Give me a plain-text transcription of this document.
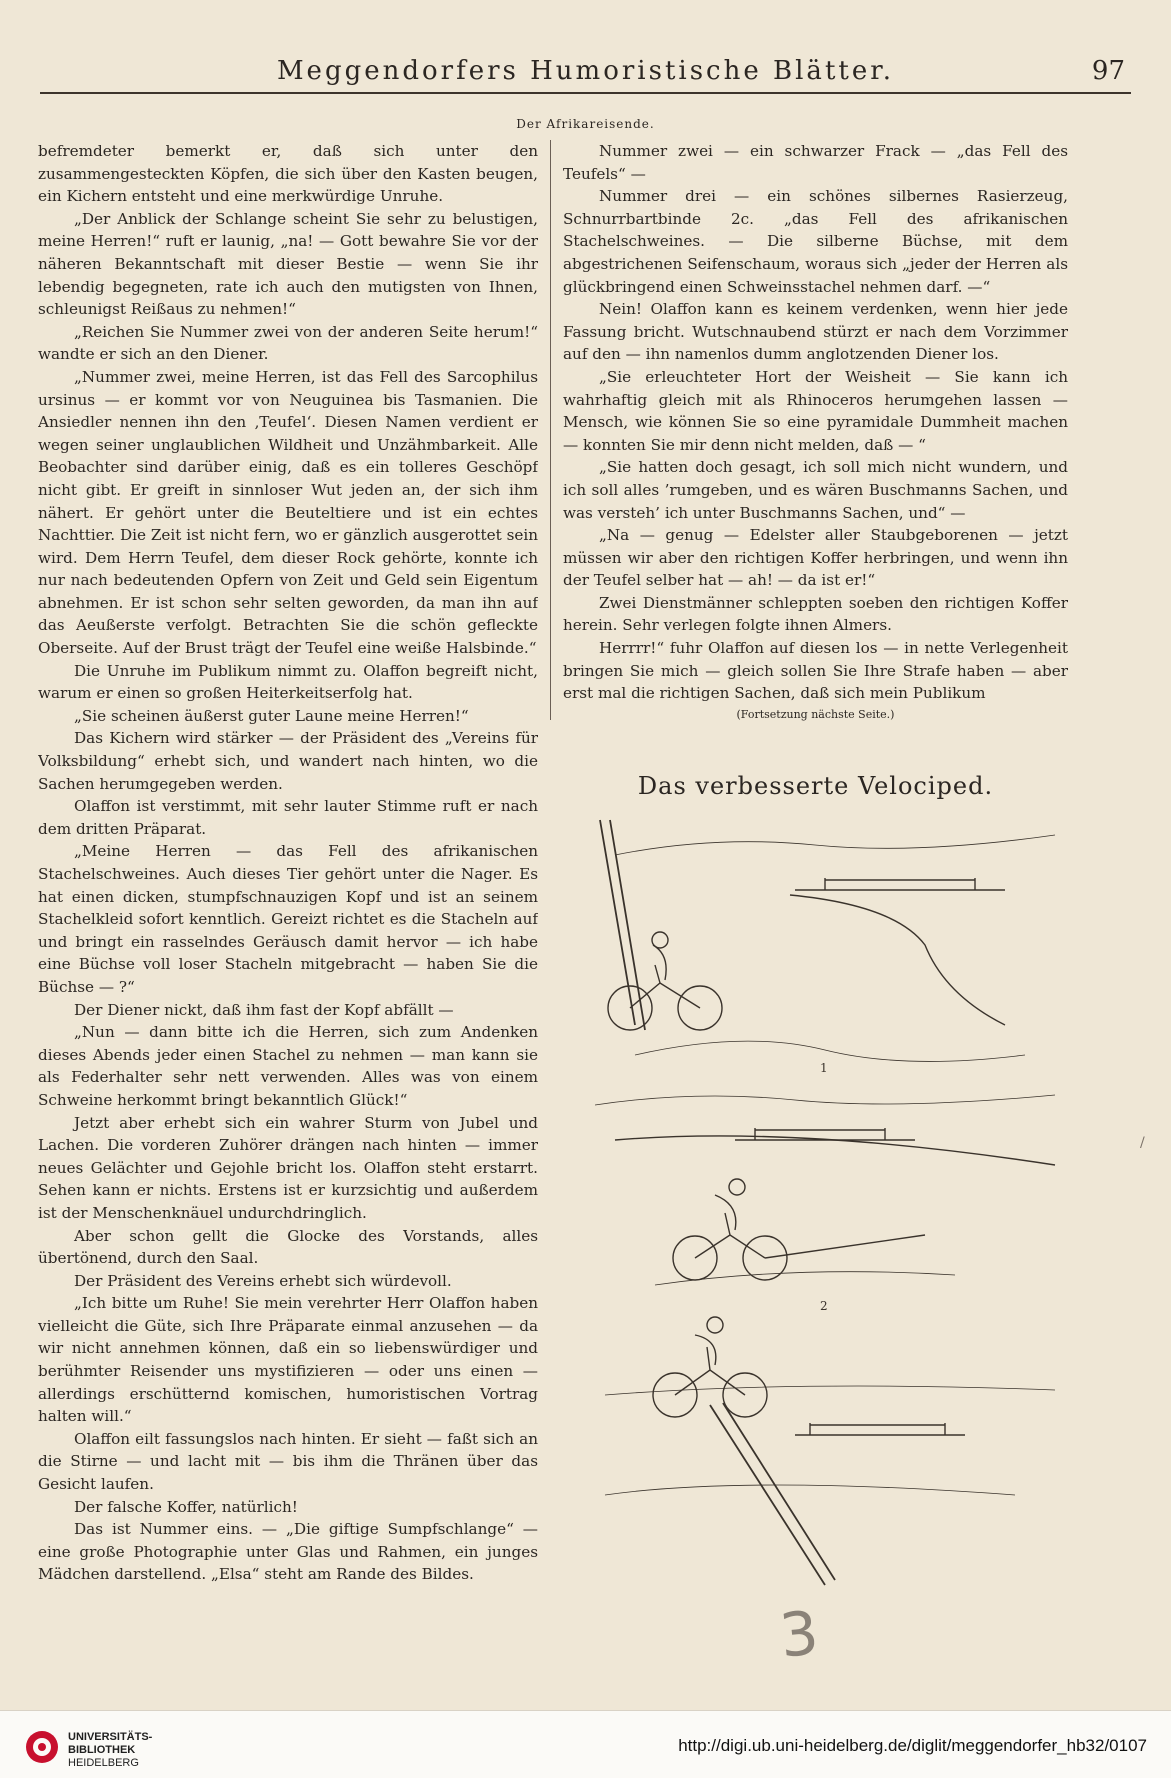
Meggendorfers Humoristische Blätter.	97
Der Afrikareisende.

befremdeter bemerkt er, daß sich unter den zusammengesteckten Köpfen, die sich über den Kasten beugen, ein Kichern entsteht und eine merkwürdige Unruhe.

„Der Anblick der Schlange scheint Sie sehr zu belustigen, meine Herren!“ ruft er launig, „na! — Gott bewahre Sie vor der näheren Bekanntschaft mit dieser Bestie — wenn Sie ihr lebendig begegneten, rate ich auch den mutigsten von Ihnen, schleunigst Reißaus zu nehmen!“

„Reichen Sie Nummer zwei von der anderen Seite herum!“ wandte er sich an den Diener.

„Nummer zwei, meine Herren, ist das Fell des Sarcophilus ursinus — er kommt vor von Neuguinea bis Tasmanien. Die Ansiedler nennen ihn den ‚Teufel‘. Diesen Namen verdient er wegen seiner unglaublichen Wildheit und Unzähmbarkeit. Alle Beobachter sind darüber einig, daß es ein tolleres Geschöpf nicht gibt. Er greift in sinnloser Wut jeden an, der sich ihm nähert. Er gehört unter die Beuteltiere und ist ein echtes Nachttier. Die Zeit ist nicht fern, wo er gänzlich ausgerottet sein wird. Dem Herrn Teufel, dem dieser Rock gehörte, konnte ich nur nach bedeutenden Opfern von Zeit und Geld sein Eigentum abnehmen. Er ist schon sehr selten geworden, da man ihn auf das Aeußerste verfolgt. Betrachten Sie die schön gefleckte Oberseite. Auf der Brust trägt der Teufel eine weiße Halsbinde.“

Die Unruhe im Publikum nimmt zu. Olaffon begreift nicht, warum er einen so großen Heiterkeitserfolg hat.

„Sie scheinen äußerst guter Laune meine Herren!“

Das Kichern wird stärker — der Präsident des „Vereins für Volksbildung“ erhebt sich, und wandert nach hinten, wo die Sachen herumgegeben werden.

Olaffon ist verstimmt, mit sehr lauter Stimme ruft er nach dem dritten Präparat.

„Meine Herren — das Fell des afrikanischen Stachelschweines. Auch dieses Tier gehört unter die Nager. Es hat einen dicken, stumpfschnauzigen Kopf und ist an seinem Stachelkleid sofort kenntlich. Gereizt richtet es die Stacheln auf und bringt ein rasselndes Geräusch damit hervor — ich habe eine Büchse voll loser Stacheln mitgebracht — haben Sie die Büchse — ?“

Der Diener nickt, daß ihm fast der Kopf abfällt —

„Nun — dann bitte ich die Herren, sich zum Andenken dieses Abends jeder einen Stachel zu nehmen — man kann sie als Federhalter sehr nett verwenden. Alles was von einem Schweine herkommt bringt bekanntlich Glück!“

Jetzt aber erhebt sich ein wahrer Sturm von Jubel und Lachen. Die vorderen Zuhörer drängen nach hinten — immer neues Gelächter und Gejohle bricht los. Olaffon steht erstarrt. Sehen kann er nichts. Erstens ist er kurzsichtig und außerdem ist der Menschenknäuel undurchdringlich.

Aber schon gellt die Glocke des Vorstands, alles übertönend, durch den Saal.

Der Präsident des Vereins erhebt sich würdevoll.

„Ich bitte um Ruhe! Sie mein verehrter Herr Olaffon haben vielleicht die Güte, sich Ihre Präparate einmal anzusehen — da wir nicht annehmen können, daß ein so liebenswürdiger und berühmter Reisender uns mystifizieren — oder uns einen — allerdings erschütternd komischen, humoristischen Vortrag halten will.“

Olaffon eilt fassungslos nach hinten. Er sieht — faßt sich an die Stirne — und lacht mit — bis ihm die Thränen über das Gesicht laufen.

Der falsche Koffer, natürlich!

Das ist Nummer eins. — „Die giftige Sumpfschlange“ — eine große Photographie unter Glas und Rahmen, ein junges Mädchen darstellend. „Elsa“ steht am Rande des Bildes.

Nummer zwei — ein schwarzer Frack — „das Fell des Teufels“ —

Nummer drei — ein schönes silbernes Rasierzeug, Schnurrbartbinde 2c. „das Fell des afrikanischen Stachelschweines. — Die silberne Büchse, mit dem abgestrichenen Seifenschaum, woraus sich „jeder der Herren als glückbringend einen Schweinsstachel nehmen darf. —“

Nein! Olaffon kann es keinem verdenken, wenn hier jede Fassung bricht. Wutschnaubend stürzt er nach dem Vorzimmer auf den — ihn namenlos dumm anglotzenden Diener los.

„Sie erleuchteter Hort der Weisheit — Sie kann ich wahrhaftig gleich mit als Rhinoceros herumgehen lassen — Mensch, wie können Sie so eine pyramidale Dummheit machen — konnten Sie mir denn nicht melden, daß — “

„Sie hatten doch gesagt, ich soll mich nicht wundern, und ich soll alles ’rumgeben, und es wären Buschmanns Sachen, und was versteh’ ich unter Buschmanns Sachen, und“ —

„Na — genug — Edelster aller Staubgeborenen — jetzt müssen wir aber den richtigen Koffer herbringen, und wenn ihn der Teufel selber hat — ah! — da ist er!“

Zwei Dienstmänner schleppten soeben den richtigen Koffer herein. Sehr verlegen folgte ihnen Almers.

Herrrr!“ fuhr Olaffon auf diesen los — in nette Verlegenheit bringen Sie mich — gleich sollen Sie Ihre Strafe haben — aber erst mal die richtigen Sachen, daß sich mein Publikum

(Fortsetzung nächste Seite.)
Das verbesserte Velociped.
1
2
3
/
UNIVERSITÄTS-
BIBLIOTHEK
HEIDELBERG
http://digi.ub.uni-heidelberg.de/diglit/meggendorfer_hb32/0107
